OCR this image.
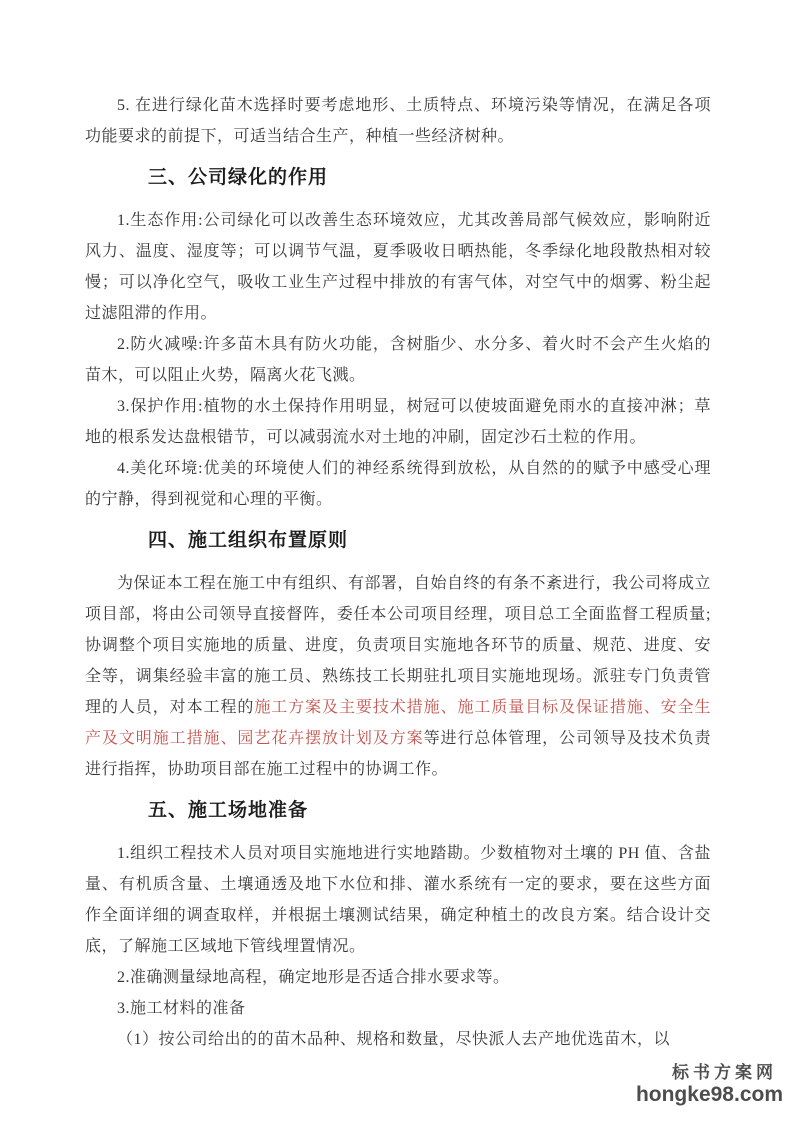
5. 在进行绿化苗木选择时要考虑地形、土质特点、环境污染等情况，在满足各项功能要求的前提下，可适当结合生产，种植一些经济树种。

三、公司绿化的作用

1.生态作用:公司绿化可以改善生态环境效应，尤其改善局部气候效应，影响附近风力、温度、湿度等；可以调节气温，夏季吸收日晒热能，冬季绿化地段散热相对较慢；可以净化空气，吸收工业生产过程中排放的有害气体，对空气中的烟雾、粉尘起过滤阻滞的作用。

2.防火减噪:许多苗木具有防火功能，含树脂少、水分多、着火时不会产生火焰的苗木，可以阻止火势，隔离火花飞溅。

3.保护作用:植物的水土保持作用明显，树冠可以使坡面避免雨水的直接冲淋；草地的根系发达盘根错节，可以减弱流水对土地的冲刷，固定沙石土粒的作用。

4.美化环境:优美的环境使人们的神经系统得到放松，从自然的的赋予中感受心理的宁静，得到视觉和心理的平衡。

四、施工组织布置原则

为保证本工程在施工中有组织、有部署，自始自终的有条不紊进行，我公司将成立项目部，将由公司领导直接督阵，委任本公司项目经理，项目总工全面监督工程质量;协调整个项目实施地的质量、进度，负责项目实施地各环节的质量、规范、进度、安全等，调集经验丰富的施工员、熟练技工长期驻扎项目实施地现场。派驻专门负责管理的人员，对本工程的施工方案及主要技术措施、施工质量目标及保证措施、安全生产及文明施工措施、园艺花卉摆放计划及方案等进行总体管理，公司领导及技术负责进行指挥，协助项目部在施工过程中的协调工作。

五、施工场地准备

1.组织工程技术人员对项目实施地进行实地踏勘。少数植物对土壤的 PH 值、含盐量、有机质含量、土壤通透及地下水位和排、灌水系统有一定的要求，要在这些方面作全面详细的调查取样，并根据土壤测试结果，确定种植土的改良方案。结合设计交底，了解施工区域地下管线埋置情况。

2.准确测量绿地高程，确定地形是否适合排水要求等。

3.施工材料的准备

（1）按公司给出的的苗木品种、规格和数量，尽快派人去产地优选苗木，以

标书方案网
hongke98.com
